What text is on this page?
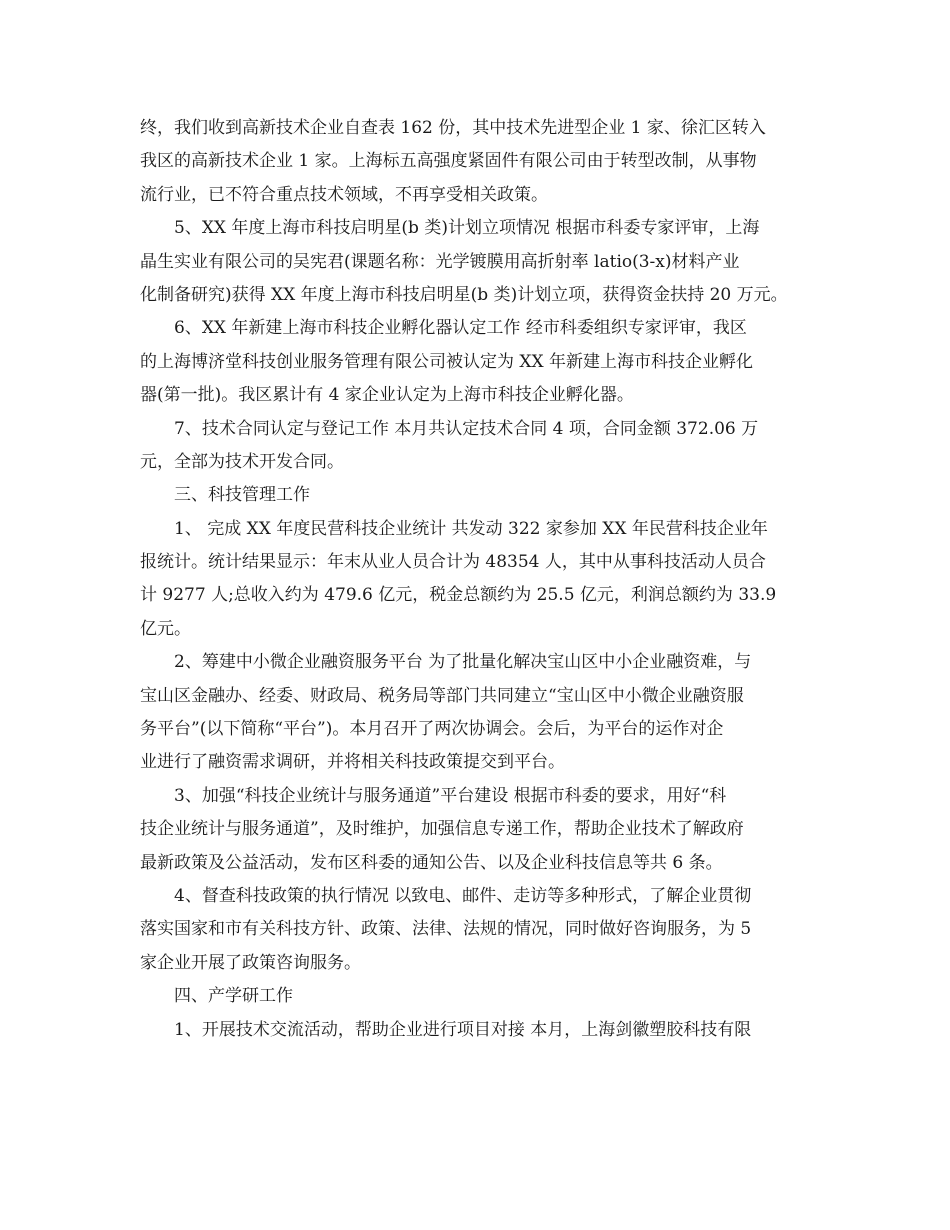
终，我们收到高新技术企业自查表 162 份，其中技术先进型企业 1 家、徐汇区转入
我区的高新技术企业 1 家。上海标五高强度紧固件有限公司由于转型改制，从事物
流行业，已不符合重点技术领域，不再享受相关政策。
5、XX 年度上海市科技启明星(b 类)计划立项情况 根据市科委专家评审，上海
晶生实业有限公司的吴宪君(课题名称：光学镀膜用高折射率 latio(3-x)材料产业
化制备研究)获得 XX 年度上海市科技启明星(b 类)计划立项，获得资金扶持 20 万元。
6、XX 年新建上海市科技企业孵化器认定工作 经市科委组织专家评审，我区
的上海博济堂科技创业服务管理有限公司被认定为 XX 年新建上海市科技企业孵化
器(第一批)。我区累计有 4 家企业认定为上海市科技企业孵化器。
7、技术合同认定与登记工作 本月共认定技术合同 4 项，合同金额 372.06 万
元，全部为技术开发合同。
三、科技管理工作
1、 完成 XX 年度民营科技企业统计 共发动 322 家参加 XX 年民营科技企业年
报统计。统计结果显示：年末从业人员合计为 48354 人，其中从事科技活动人员合
计 9277 人;总收入约为 479.6 亿元，税金总额约为 25.5 亿元，利润总额约为 33.9
亿元。
2、筹建中小微企业融资服务平台 为了批量化解决宝山区中小企业融资难，与
宝山区金融办、经委、财政局、税务局等部门共同建立“宝山区中小微企业融资服
务平台”(以下简称“平台”)。本月召开了两次协调会。会后，为平台的运作对企
业进行了融资需求调研，并将相关科技政策提交到平台。
3、加强“科技企业统计与服务通道”平台建设 根据市科委的要求，用好“科
技企业统计与服务通道”，及时维护，加强信息专递工作，帮助企业技术了解政府
最新政策及公益活动，发布区科委的通知公告、以及企业科技信息等共 6 条。
4、督查科技政策的执行情况 以致电、邮件、走访等多种形式，了解企业贯彻
落实国家和市有关科技方针、政策、法律、法规的情况，同时做好咨询服务，为 5
家企业开展了政策咨询服务。
四、产学研工作
1、开展技术交流活动，帮助企业进行项目对接 本月，上海剑徽塑胶科技有限
